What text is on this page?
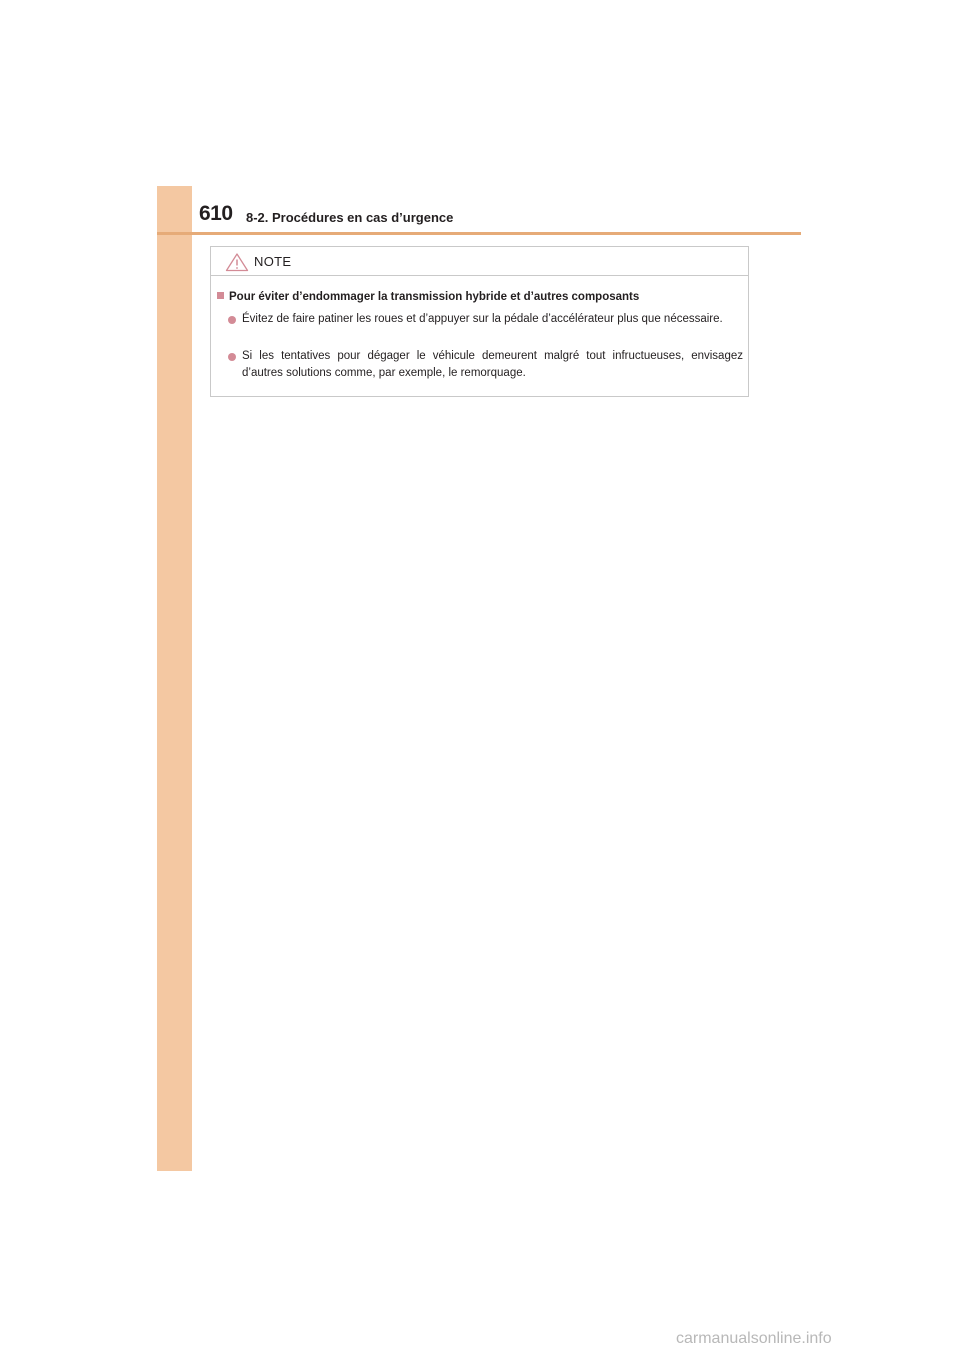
610 8-2. Procédures en cas d’urgence
NOTE
Pour éviter d’endommager la transmission hybride et d’autres composants
Évitez de faire patiner les roues et d’appuyer sur la pédale d’accélérateur plus que nécessaire.
Si les tentatives pour dégager le véhicule demeurent malgré tout infructueuses, envisagez d’autres solutions comme, par exemple, le remorquage.
carmanualsonline.info
